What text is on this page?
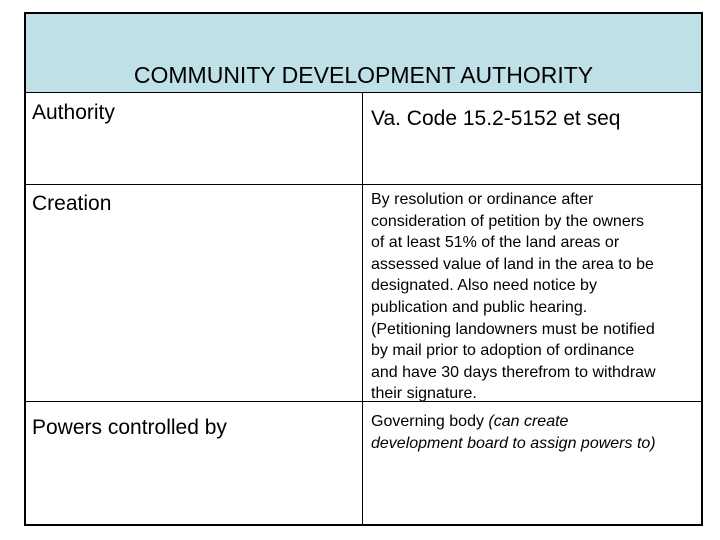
COMMUNITY DEVELOPMENT AUTHORITY
Authority	Va. Code 15.2-5152 et seq
Creation	By resolution or ordinance after
consideration of petition by the owners
of at least 51% of the land areas or
assessed value of land in the area to be
designated. Also need notice by
publication and public hearing.
(Petitioning landowners must be notified
by mail prior to adoption of ordinance
and have 30 days therefrom to withdraw
their signature.
Powers controlled by	Governing body (can create
development board to assign powers to)
